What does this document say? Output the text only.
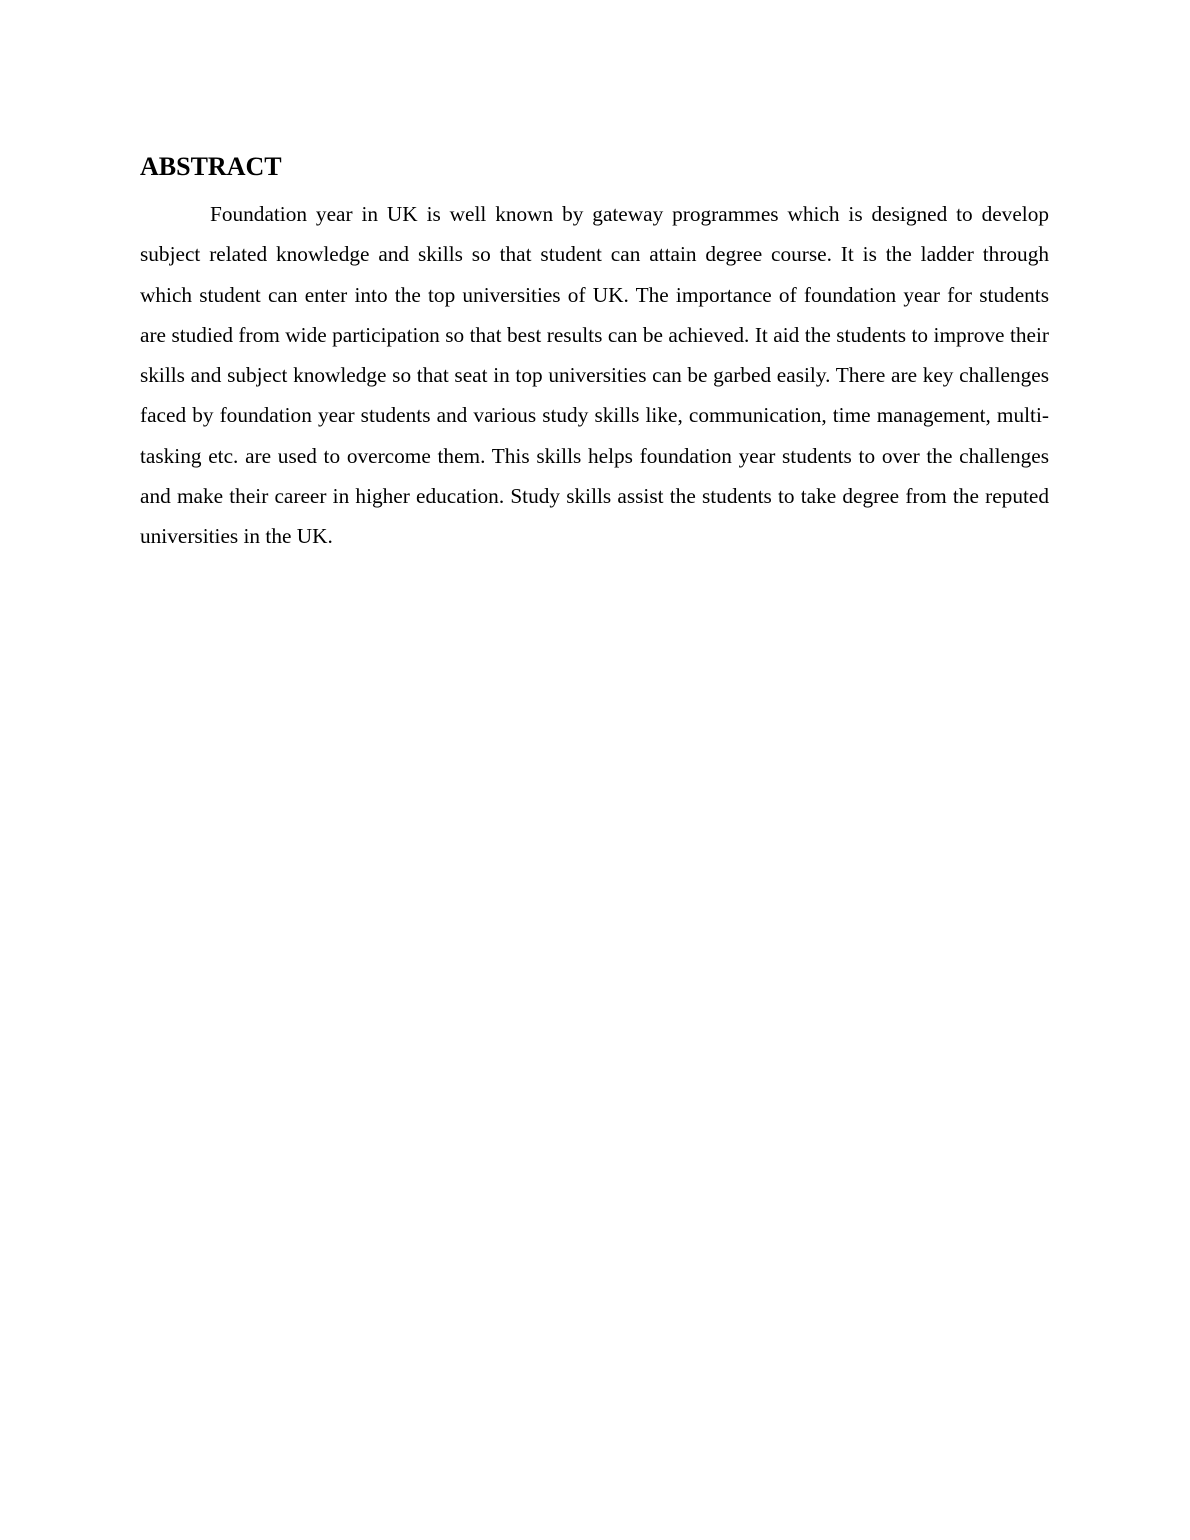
ABSTRACT

Foundation year in UK is well known by gateway programmes which is designed to develop subject related knowledge and skills so that student can attain degree course. It is the ladder through which student can enter into the top universities of UK. The importance of foundation year for students are studied from wide participation so that best results can be achieved. It aid the students to improve their skills and subject knowledge so that seat in top universities can be garbed easily. There are key challenges faced by foundation year students and various study skills like, communication, time management, multi-tasking etc. are used to overcome them. This skills helps foundation year students to over the challenges and make their career in higher education. Study skills assist the students to take degree from the reputed universities in the UK.
